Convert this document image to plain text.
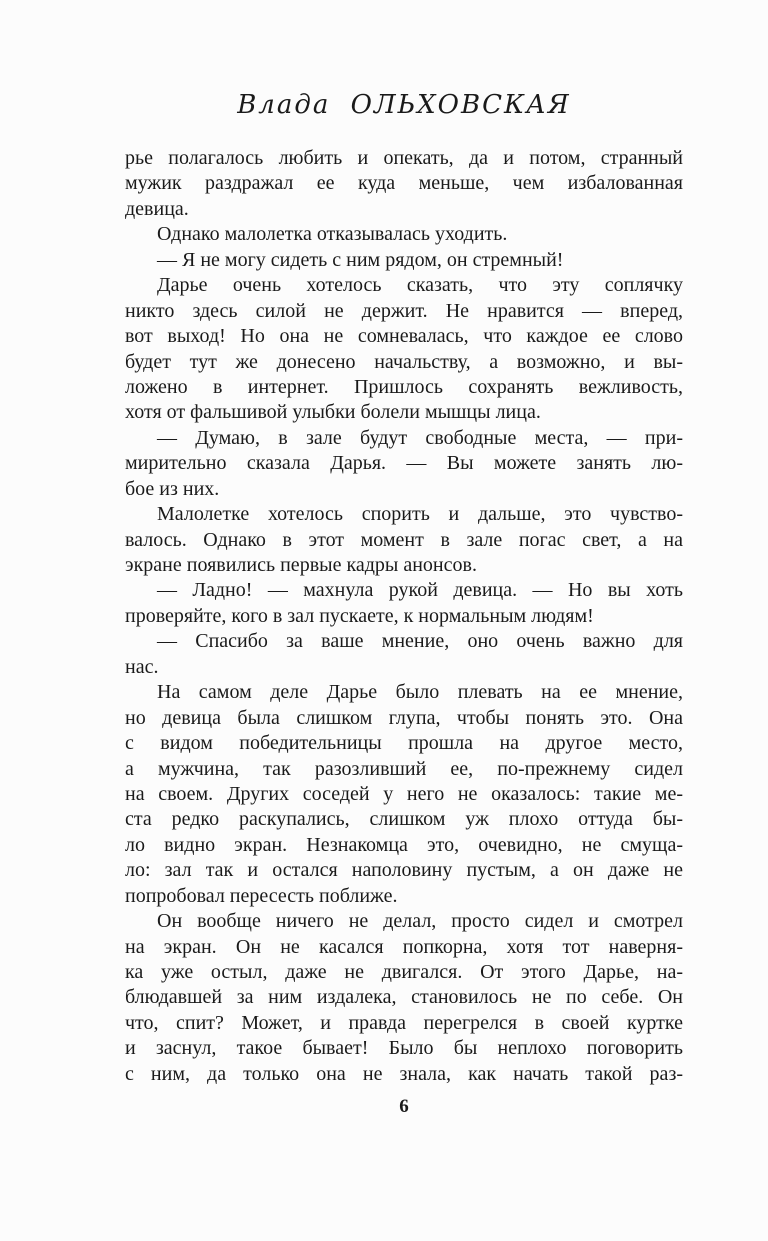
Влада ОЛЬХОВСКАЯ
рье полагалось любить и опекать, да и потом, странный
мужик раздражал ее куда меньше, чем избалованная
девица.
Однако малолетка отказывалась уходить.
— Я не могу сидеть с ним рядом, он стремный!
Дарье очень хотелось сказать, что эту соплячку
никто здесь силой не держит. Не нравится — вперед,
вот выход! Но она не сомневалась, что каждое ее слово
будет тут же донесено начальству, а возможно, и вы-
ложено в интернет. Пришлось сохранять вежливость,
хотя от фальшивой улыбки болели мышцы лица.
— Думаю, в зале будут свободные места, — при-
мирительно сказала Дарья. — Вы можете занять лю-
бое из них.
Малолетке хотелось спорить и дальше, это чувство-
валось. Однако в этот момент в зале погас свет, а на
экране появились первые кадры анонсов.
— Ладно! — махнула рукой девица. — Но вы хоть
проверяйте, кого в зал пускаете, к нормальным людям!
— Спасибо за ваше мнение, оно очень важно для
нас.
На самом деле Дарье было плевать на ее мнение,
но девица была слишком глупа, чтобы понять это. Она
с видом победительницы прошла на другое место,
а мужчина, так разозливший ее, по-прежнему сидел
на своем. Других соседей у него не оказалось: такие ме-
ста редко раскупались, слишком уж плохо оттуда бы-
ло видно экран. Незнакомца это, очевидно, не смуща-
ло: зал так и остался наполовину пустым, а он даже не
попробовал пересесть поближе.
Он вообще ничего не делал, просто сидел и смотрел
на экран. Он не касался попкорна, хотя тот наверня-
ка уже остыл, даже не двигался. От этого Дарье, на-
блюдавшей за ним издалека, становилось не по себе. Он
что, спит? Может, и правда перегрелся в своей куртке
и заснул, такое бывает! Было бы неплохо поговорить
с ним, да только она не знала, как начать такой раз-
6
